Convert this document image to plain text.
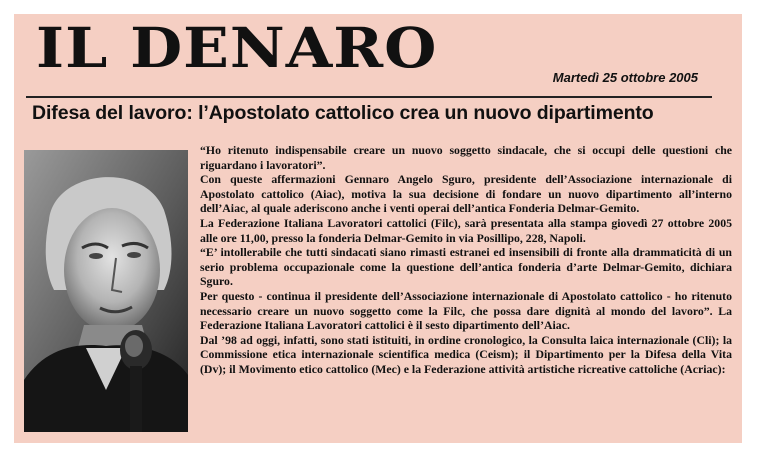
IL DENARO	Martedì 25 ottobre 2005
Difesa del lavoro: l’Apostolato cattolico crea un nuovo dipartimento

“Ho ritenuto indispensabile creare un nuovo soggetto sindacale, che si occupi delle questioni che riguardano i lavoratori”.

Con queste affermazioni Gennaro Angelo Sguro, presidente dell’Associazione internazionale di Apostolato cattolico (Aiac), motiva la sua decisione di fondare un nuovo dipartimento all’interno dell’Aiac, al quale aderiscono anche i venti operai dell’antica Fonderia Delmar-Gemito.

La Federazione Italiana Lavoratori cattolici (Filc), sarà presentata alla stampa giovedì 27 ottobre 2005 alle ore 11,00, presso la fonderia Delmar-Gemito in via Posillipo, 228, Napoli.

“E’ intollerabile che tutti sindacati siano rimasti estranei ed insensibili di fronte alla drammaticità di un serio problema occupazionale come la questione dell’antica fonderia d’arte Delmar-Gemito, dichiara Sguro.

Per questo - continua il presidente dell’Associazione internazionale di Apostolato cattolico - ho ritenuto necessario creare un nuovo soggetto come la Filc, che possa dare dignità al mondo del lavoro”. La Federazione Italiana Lavoratori cattolici è il sesto dipartimento dell’Aiac.

Dal ’98 ad oggi, infatti, sono stati istituiti, in ordine cronologico, la Consulta laica internazionale (Cli); la Commissione etica internazionale scientifica medica (Ceism); il Dipartimento per la Difesa della Vita (Dv); il Movimento etico cattolico (Mec) e la Federazione attività artistiche ricreative cattoliche (Acriac):
